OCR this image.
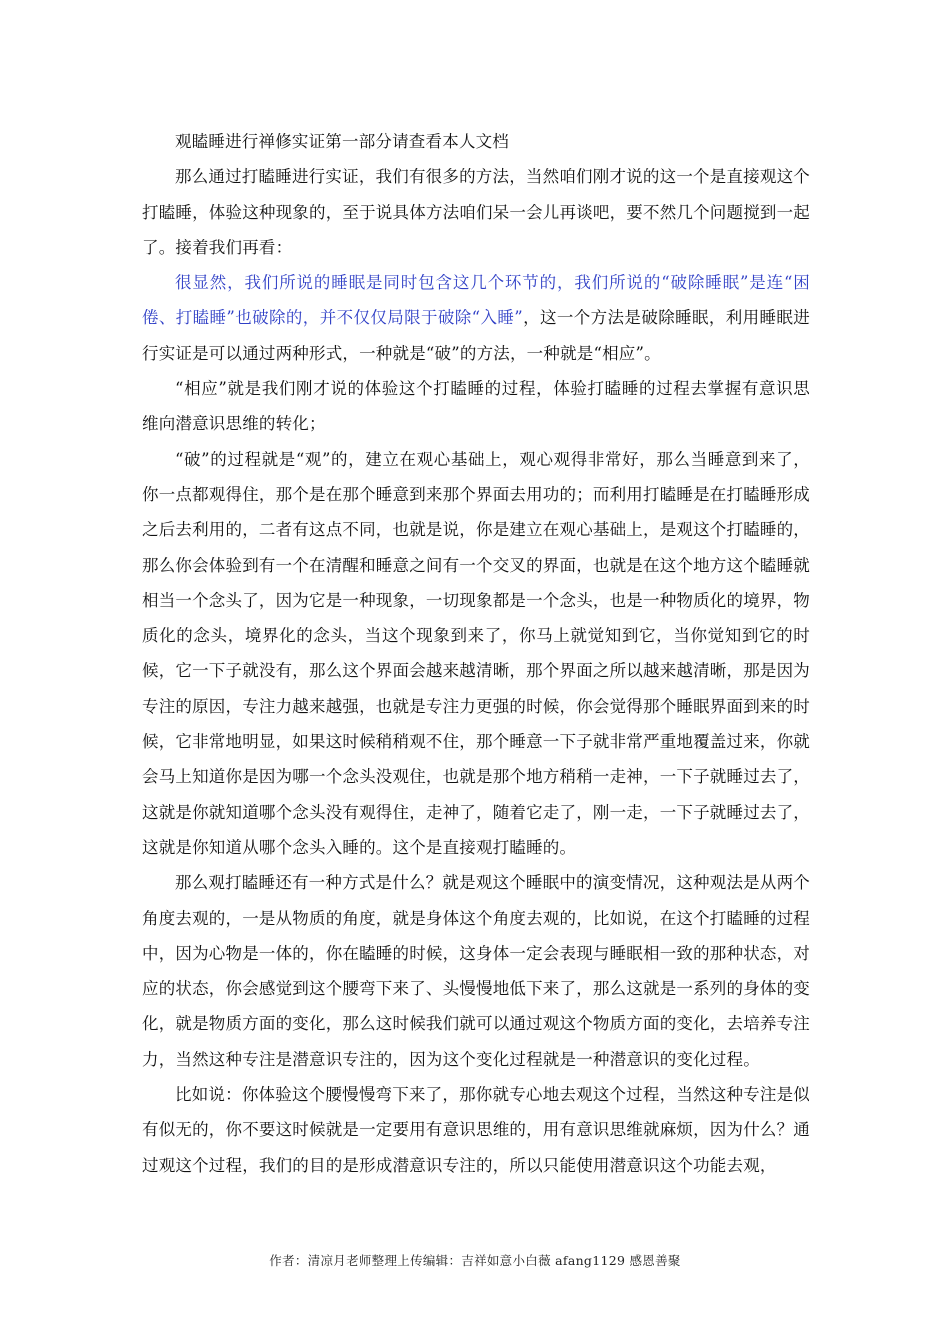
观瞌睡进行禅修实证第一部分请查看本人文档

那么通过打瞌睡进行实证，我们有很多的方法，当然咱们刚才说的这一个是直接观这个打瞌睡，体验这种现象的，至于说具体方法咱们呆一会儿再谈吧，要不然几个问题搅到一起了。接着我们再看：

很显然，我们所说的睡眠是同时包含这几个环节的，我们所说的“破除睡眠”是连“困倦、打瞌睡”也破除的，并不仅仅局限于破除“入睡”，这一个方法是破除睡眠，利用睡眠进行实证是可以通过两种形式，一种就是“破”的方法，一种就是“相应”。

“相应”就是我们刚才说的体验这个打瞌睡的过程，体验打瞌睡的过程去掌握有意识思维向潜意识思维的转化；

“破”的过程就是“观”的，建立在观心基础上，观心观得非常好，那么当睡意到来了，你一点都观得住，那个是在那个睡意到来那个界面去用功的；而利用打瞌睡是在打瞌睡形成之后去利用的，二者有这点不同，也就是说，你是建立在观心基础上，是观这个打瞌睡的，那么你会体验到有一个在清醒和睡意之间有一个交叉的界面，也就是在这个地方这个瞌睡就相当一个念头了，因为它是一种现象，一切现象都是一个念头，也是一种物质化的境界，物质化的念头，境界化的念头，当这个现象到来了，你马上就觉知到它，当你觉知到它的时候，它一下子就没有，那么这个界面会越来越清晰，那个界面之所以越来越清晰，那是因为专注的原因，专注力越来越强，也就是专注力更强的时候，你会觉得那个睡眠界面到来的时候，它非常地明显，如果这时候稍稍观不住，那个睡意一下子就非常严重地覆盖过来，你就会马上知道你是因为哪一个念头没观住，也就是那个地方稍稍一走神，一下子就睡过去了，这就是你就知道哪个念头没有观得住，走神了，随着它走了，刚一走，一下子就睡过去了，这就是你知道从哪个念头入睡的。这个是直接观打瞌睡的。

那么观打瞌睡还有一种方式是什么？就是观这个睡眠中的演变情况，这种观法是从两个角度去观的，一是从物质的角度，就是身体这个角度去观的，比如说，在这个打瞌睡的过程中，因为心物是一体的，你在瞌睡的时候，这身体一定会表现与睡眠相一致的那种状态，对应的状态，你会感觉到这个腰弯下来了、头慢慢地低下来了，那么这就是一系列的身体的变化，就是物质方面的变化，那么这时候我们就可以通过观这个物质方面的变化，去培养专注力，当然这种专注是潜意识专注的，因为这个变化过程就是一种潜意识的变化过程。

比如说：你体验这个腰慢慢弯下来了，那你就专心地去观这个过程，当然这种专注是似有似无的，你不要这时候就是一定要用有意识思维的，用有意识思维就麻烦，因为什么？通过观这个过程，我们的目的是形成潜意识专注的，所以只能使用潜意识这个功能去观，

作者：清凉月老师整理上传编辑：吉祥如意小白薇 afang1129 感恩善聚
